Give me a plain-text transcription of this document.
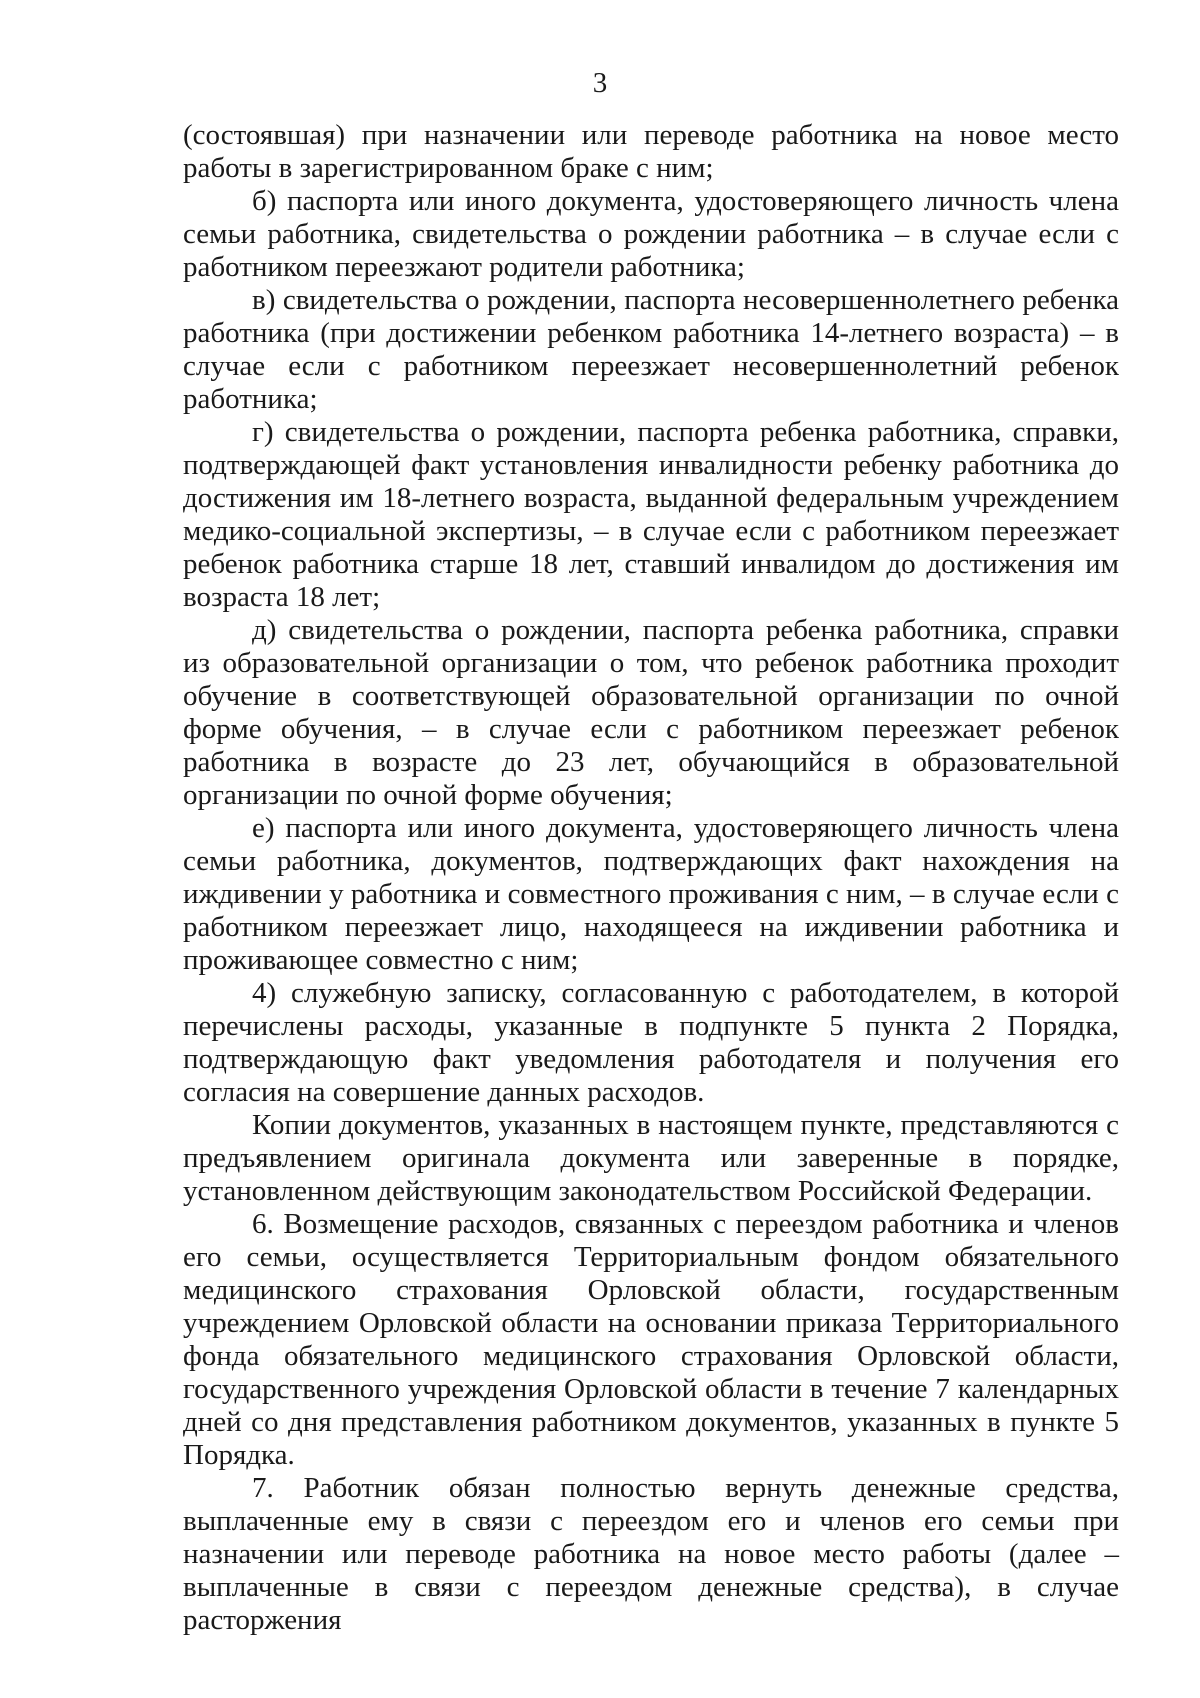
3

(состоявшая) при назначении или переводе работника на новое место работы в зарегистрированном браке с ним;

б) паспорта или иного документа, удостоверяющего личность члена семьи работника, свидетельства о рождении работника – в случае если с работником переезжают родители работника;

в) свидетельства о рождении, паспорта несовершеннолетнего ребенка работника (при достижении ребенком работника 14-летнего возраста) – в случае если с работником переезжает несовершеннолетний ребенок работника;

г) свидетельства о рождении, паспорта ребенка работника, справки, подтверждающей факт установления инвалидности ребенку работника до достижения им 18-летнего возраста, выданной федеральным учреждением медико-социальной экспертизы, – в случае если с работником переезжает ребенок работника старше 18 лет, ставший инвалидом до достижения им возраста 18 лет;

д) свидетельства о рождении, паспорта ребенка работника, справки из образовательной организации о том, что ребенок работника проходит обучение в соответствующей образовательной организации по очной форме обучения, – в случае если с работником переезжает ребенок работника в возрасте до 23 лет, обучающийся в образовательной организации по очной форме обучения;

е) паспорта или иного документа, удостоверяющего личность члена семьи работника, документов, подтверждающих факт нахождения на иждивении у работника и совместного проживания с ним, – в случае если с работником переезжает лицо, находящееся на иждивении работника и проживающее совместно с ним;

4) служебную записку, согласованную с работодателем, в которой перечислены расходы, указанные в подпункте 5 пункта 2 Порядка, подтверждающую факт уведомления работодателя и получения его согласия на совершение данных расходов.

Копии документов, указанных в настоящем пункте, представляются с предъявлением оригинала документа или заверенные в порядке, установленном действующим законодательством Российской Федерации.

6. Возмещение расходов, связанных с переездом работника и членов его семьи, осуществляется Территориальным фондом обязательного медицинского страхования Орловской области, государственным учреждением Орловской области на основании приказа Территориального фонда обязательного медицинского страхования Орловской области, государственного учреждения Орловской области в течение 7 календарных дней со дня представления работником документов, указанных в пункте 5 Порядка.

7. Работник обязан полностью вернуть денежные средства, выплаченные ему в связи с переездом его и членов его семьи при назначении или переводе работника на новое место работы (далее – выплаченные в связи с переездом денежные средства), в случае расторжения
